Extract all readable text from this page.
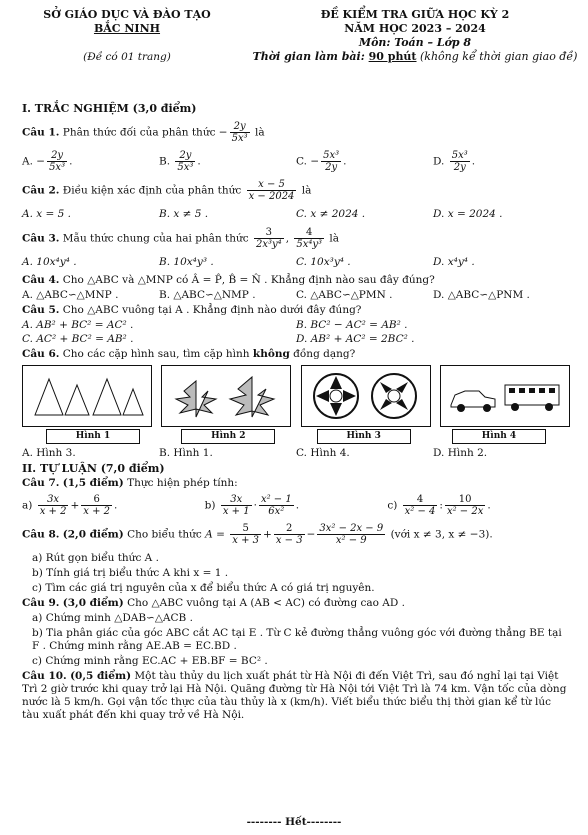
SỞ GIÁO DỤC VÀ ĐÀO TẠO
BẮC NINH
(Đề có 01 trang)
ĐỀ KIỂM TRA GIỮA HỌC KỲ 2
NĂM HỌC 2023 – 2024
Môn: Toán – Lớp 8
Thời gian làm bài: 90 phút (không kể thời gian giao đề)
I. TRẮC NGHIỆM (3,0 điểm)
Câu 1. Phân thức đối của phân thức − $\frac{2y}{\text{5x³}}$ là
A. − $\frac{2y}{\text{5x³}}$ .	B. $\frac{2y}{\text{5x³}}$ .	C. − $\frac{\text{5x³}}{2y}$ .	D. $\frac{\text{5x³}}{2y}$ .
Câu 2. Điều kiện xác định của phân thức $\frac{x - 5}{x - 2024}$ là
A. x = 5 .	B. x ≠ 5 .	C. x ≠ 2024 .	D. x = 2024 .
Câu 3. Mẫu thức chung của hai phân thức $\frac{3}{\text{2x³y⁴}}$ , $\frac{4}{\text{5x⁴y³}}$ là
A. 10x⁴y⁴ .	B. 10x⁴y³ .	C. 10x³y⁴ .	D. x⁴y⁴ .
Câu 4. Cho △ABC và △MNP có Â = P̂, B̂ = N̂ . Khẳng định nào sau đây đúng?
A. △ABC∽△MNP .	B. △ABC∽△NMP .	C. △ABC∽△PMN .	D. △ABC∽△PNM .
Câu 5. Cho △ABC vuông tại A . Khẳng định nào dưới đây đúng?
A. AB² + BC² = AC² .	B. BC² − AC² = AB² .
C. AC² + BC² = AB² .	D. AB² + AC² = 2BC² .
Câu 6. Cho các cặp hình sau, tìm cặp hình không đồng dạng?
Hình 1	Hình 2	Hình 3	Hình 4
A. Hình 3.	B. Hình 1.	C. Hình 4.	D. Hình 2.
II. TỰ LUẬN (7,0 điểm)
Câu 7. (1,5 điểm) Thực hiện phép tính:
$a) \frac{3x}{x + 2} + \frac{6}{x + 2}$ .	$b) \frac{3x}{x + 1} \cdot \frac{\text{x² − 1}}{\text{6x²}}$ .	$c) \frac{4}{\text{x² − 4}}$ : $\frac{10}{\text{x² − 2x}}$ .
Câu 8. (2,0 điểm) Cho biểu thức $A = \frac{5}{x + 3} + \frac{2}{x - 3} - \frac{\text{3x² − 2x − 9}}{\text{x² − 9}}$ (với x ≠ 3, x ≠ −3).
a) Rút gọn biểu thức A .
b) Tính giá trị biểu thức A khi x = 1 .
c) Tìm các giá trị nguyên của x để biểu thức A có giá trị nguyên.
Câu 9. (3,0 điểm) Cho △ABC vuông tại A (AB < AC) có đường cao AD .
a) Chứng minh △DAB∽△ACB .
b) Tia phân giác của góc ABC cắt AC tại E . Từ C kẻ đường thẳng vuông góc với đường thẳng BE tại F . Chứng minh rằng AE.AB = EC.BD .
c) Chứng minh rằng EC.AC + EB.BF = BC² .
Câu 10. (0,5 điểm) Một tàu thủy du lịch xuất phát từ Hà Nội đi đến Việt Trì, sau đó nghỉ lại tại Việt Trì 2 giờ trước khi quay trở lại Hà Nội. Quãng đường từ Hà Nội tới Việt Trì là 74 km. Vận tốc của dòng nước là 5 km/h. Gọi vận tốc thực của tàu thủy là x (km/h). Viết biểu thức biểu thị thời gian kể từ lúc tàu xuất phát đến khi quay trở về Hà Nội.
-------- Hết--------
